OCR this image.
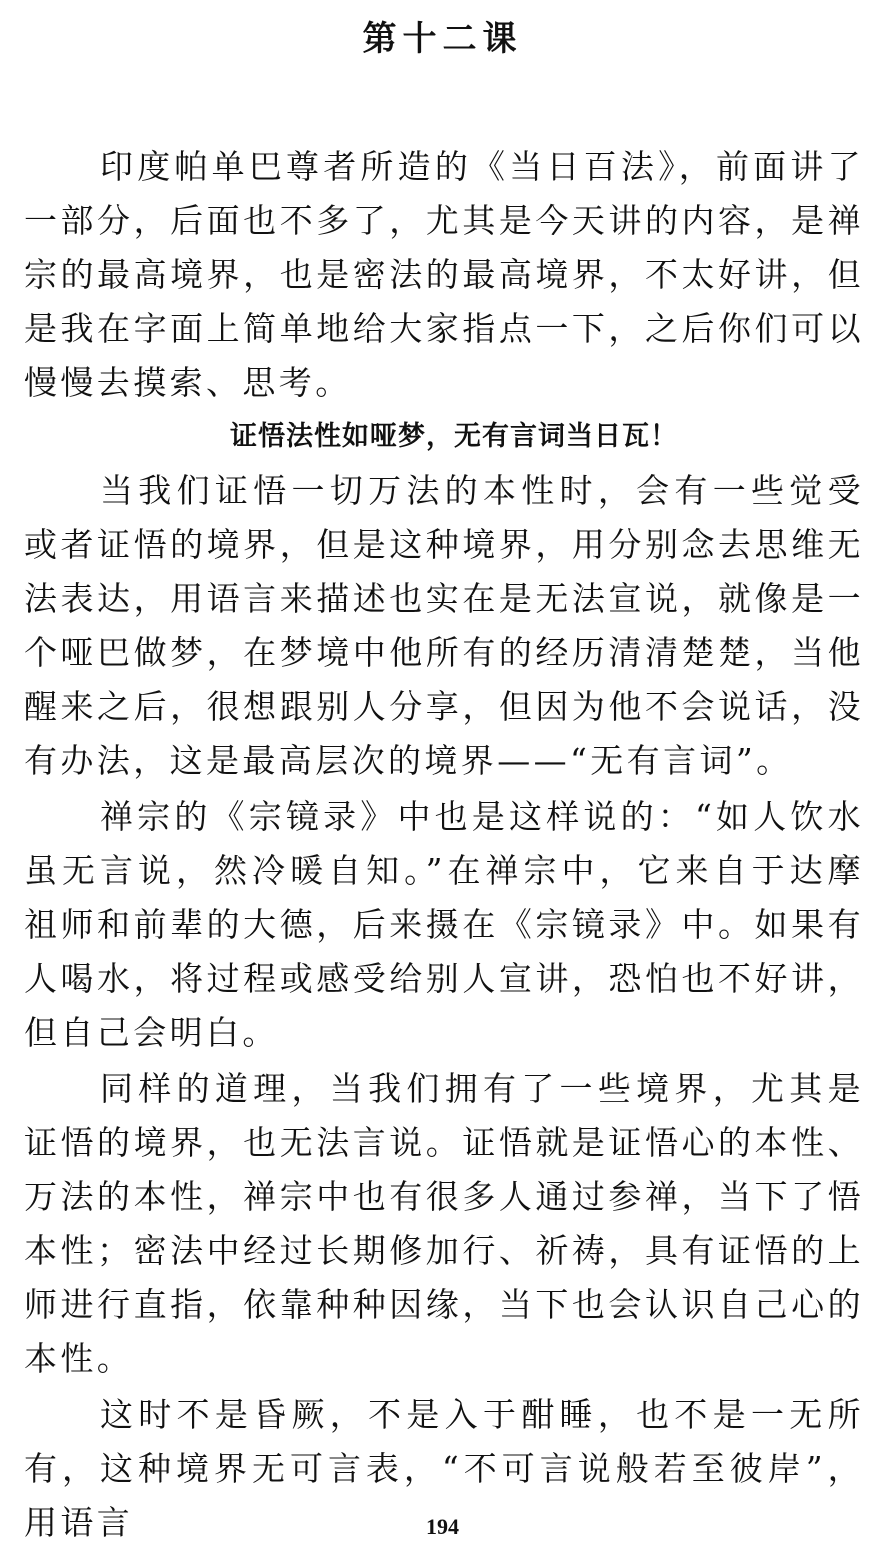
第十二课

印度帕单巴尊者所造的《当日百法》，前面讲了一部分，后面也不多了，尤其是今天讲的内容，是禅宗的最高境界，也是密法的最高境界，不太好讲，但是我在字面上简单地给大家指点一下，之后你们可以慢慢去摸索、思考。

证悟法性如哑梦，无有言词当日瓦！

当我们证悟一切万法的本性时，会有一些觉受或者证悟的境界，但是这种境界，用分别念去思维无法表达，用语言来描述也实在是无法宣说，就像是一个哑巴做梦，在梦境中他所有的经历清清楚楚，当他醒来之后，很想跟别人分享，但因为他不会说话，没有办法，这是最高层次的境界——“无有言词”。

禅宗的《宗镜录》中也是这样说的：“如人饮水虽无言说，然冷暖自知。”在禅宗中，它来自于达摩祖师和前辈的大德，后来摄在《宗镜录》中。如果有人喝水，将过程或感受给别人宣讲，恐怕也不好讲，但自己会明白。

同样的道理，当我们拥有了一些境界，尤其是证悟的境界，也无法言说。证悟就是证悟心的本性、万法的本性，禅宗中也有很多人通过参禅，当下了悟本性；密法中经过长期修加行、祈祷，具有证悟的上师进行直指，依靠种种因缘，当下也会认识自己心的本性。

这时不是昏厥，不是入于酣睡，也不是一无所有，这种境界无可言表，“不可言说般若至彼岸”，用语言	194
